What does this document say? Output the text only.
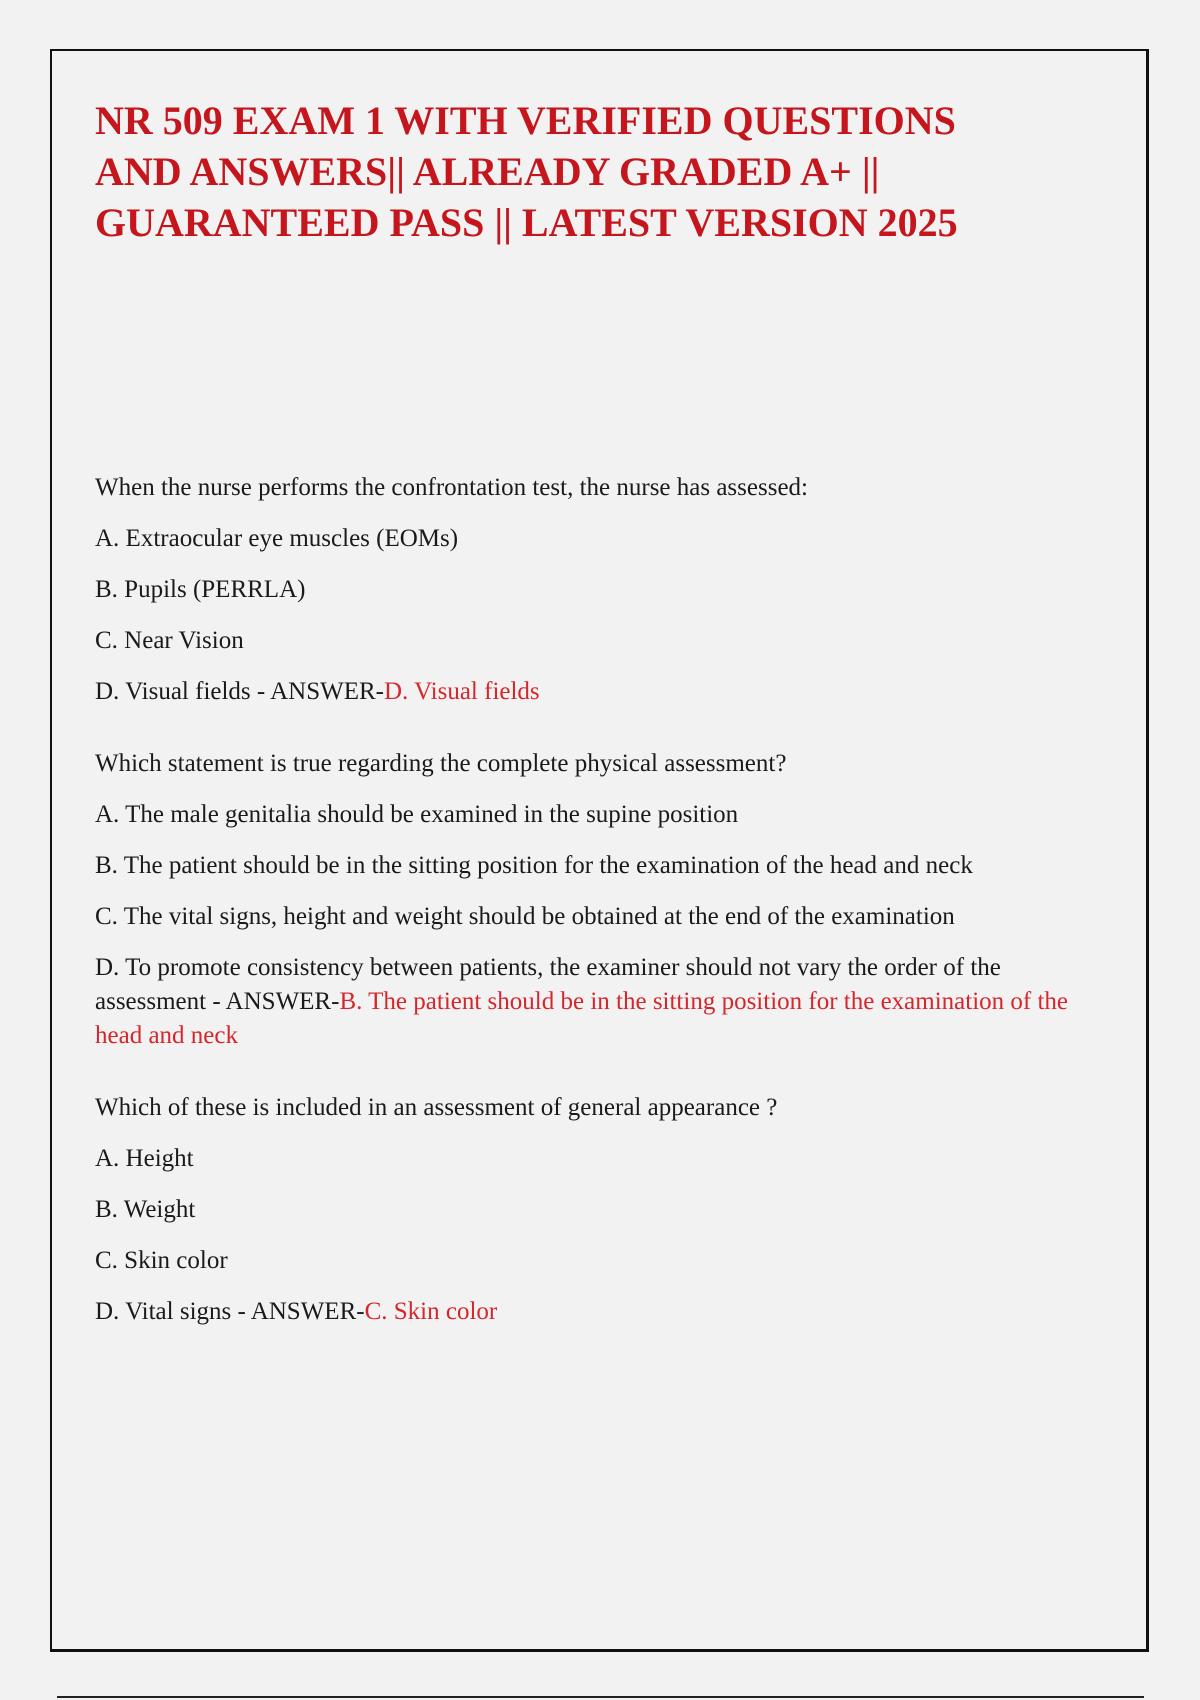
NR 509 EXAM 1 WITH VERIFIED QUESTIONS
AND ANSWERS|| ALREADY GRADED A+ ||
GUARANTEED PASS || LATEST VERSION 2025

When the nurse performs the confrontation test, the nurse has assessed:

A. Extraocular eye muscles (EOMs)

B. Pupils (PERRLA)

C. Near Vision

D. Visual fields - ANSWER-D. Visual fields

Which statement is true regarding the complete physical assessment?

A. The male genitalia should be examined in the supine position

B. The patient should be in the sitting position for the examination of the head and neck

C. The vital signs, height and weight should be obtained at the end of the examination

D. To promote consistency between patients, the examiner should not vary the order of the assessment - ANSWER-B. The patient should be in the sitting position for the examination of the head and neck

Which of these is included in an assessment of general appearance ?

A. Height

B. Weight

C. Skin color

D. Vital signs - ANSWER-C. Skin color
